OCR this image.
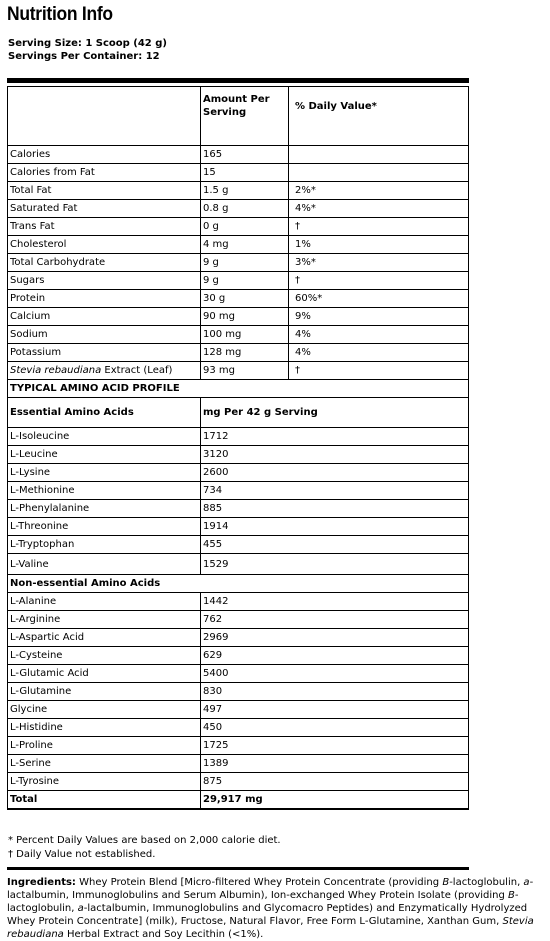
Nutrition Info
Serving Size: 1 Scoop (42 g)
Servings Per Container: 12
	Amount Per Serving	% Daily Value*
Calories	165	
Calories from Fat	15	
Total Fat	1.5 g	2%*
Saturated Fat	0.8 g	4%*
Trans Fat	0 g	†
Cholesterol	4 mg	1%
Total Carbohydrate	9 g	3%*
Sugars	9 g	†
Protein	30 g	60%*
Calcium	90 mg	9%
Sodium	100 mg	4%
Potassium	128 mg	4%
Stevia rebaudiana Extract (Leaf)	93 mg	†
TYPICAL AMINO ACID PROFILE		
Essential Amino Acids	mg Per 42 g Serving	
L-Isoleucine	1712	
L-Leucine	3120	
L-Lysine	2600	
L-Methionine	734	
L-Phenylalanine	885	
L-Threonine	1914	
L-Tryptophan	455	
L-Valine	1529	
Non-essential Amino Acids		
L-Alanine	1442	
L-Arginine	762	
L-Aspartic Acid	2969	
L-Cysteine	629	
L-Glutamic Acid	5400	
L-Glutamine	830	
Glycine	497	
L-Histidine	450	
L-Proline	1725	
L-Serine	1389	
L-Tyrosine	875	
Total	29,917 mg	
* Percent Daily Values are based on 2,000 calorie diet.
† Daily Value not established.
Ingredients: Whey Protein Blend [Micro-filtered Whey Protein Concentrate (providing B-lactoglobulin, a-lactalbumin, Immunoglobulins and Serum Albumin), Ion-exchanged Whey Protein Isolate (providing B-lactoglobulin, a-lactalbumin, Immunoglobulins and Glycomacro Peptides) and Enzymatically Hydrolyzed Whey Protein Concentrate] (milk), Fructose, Natural Flavor, Free Form L-Glutamine, Xanthan Gum, Stevia rebaudiana Herbal Extract and Soy Lecithin (<1%).
